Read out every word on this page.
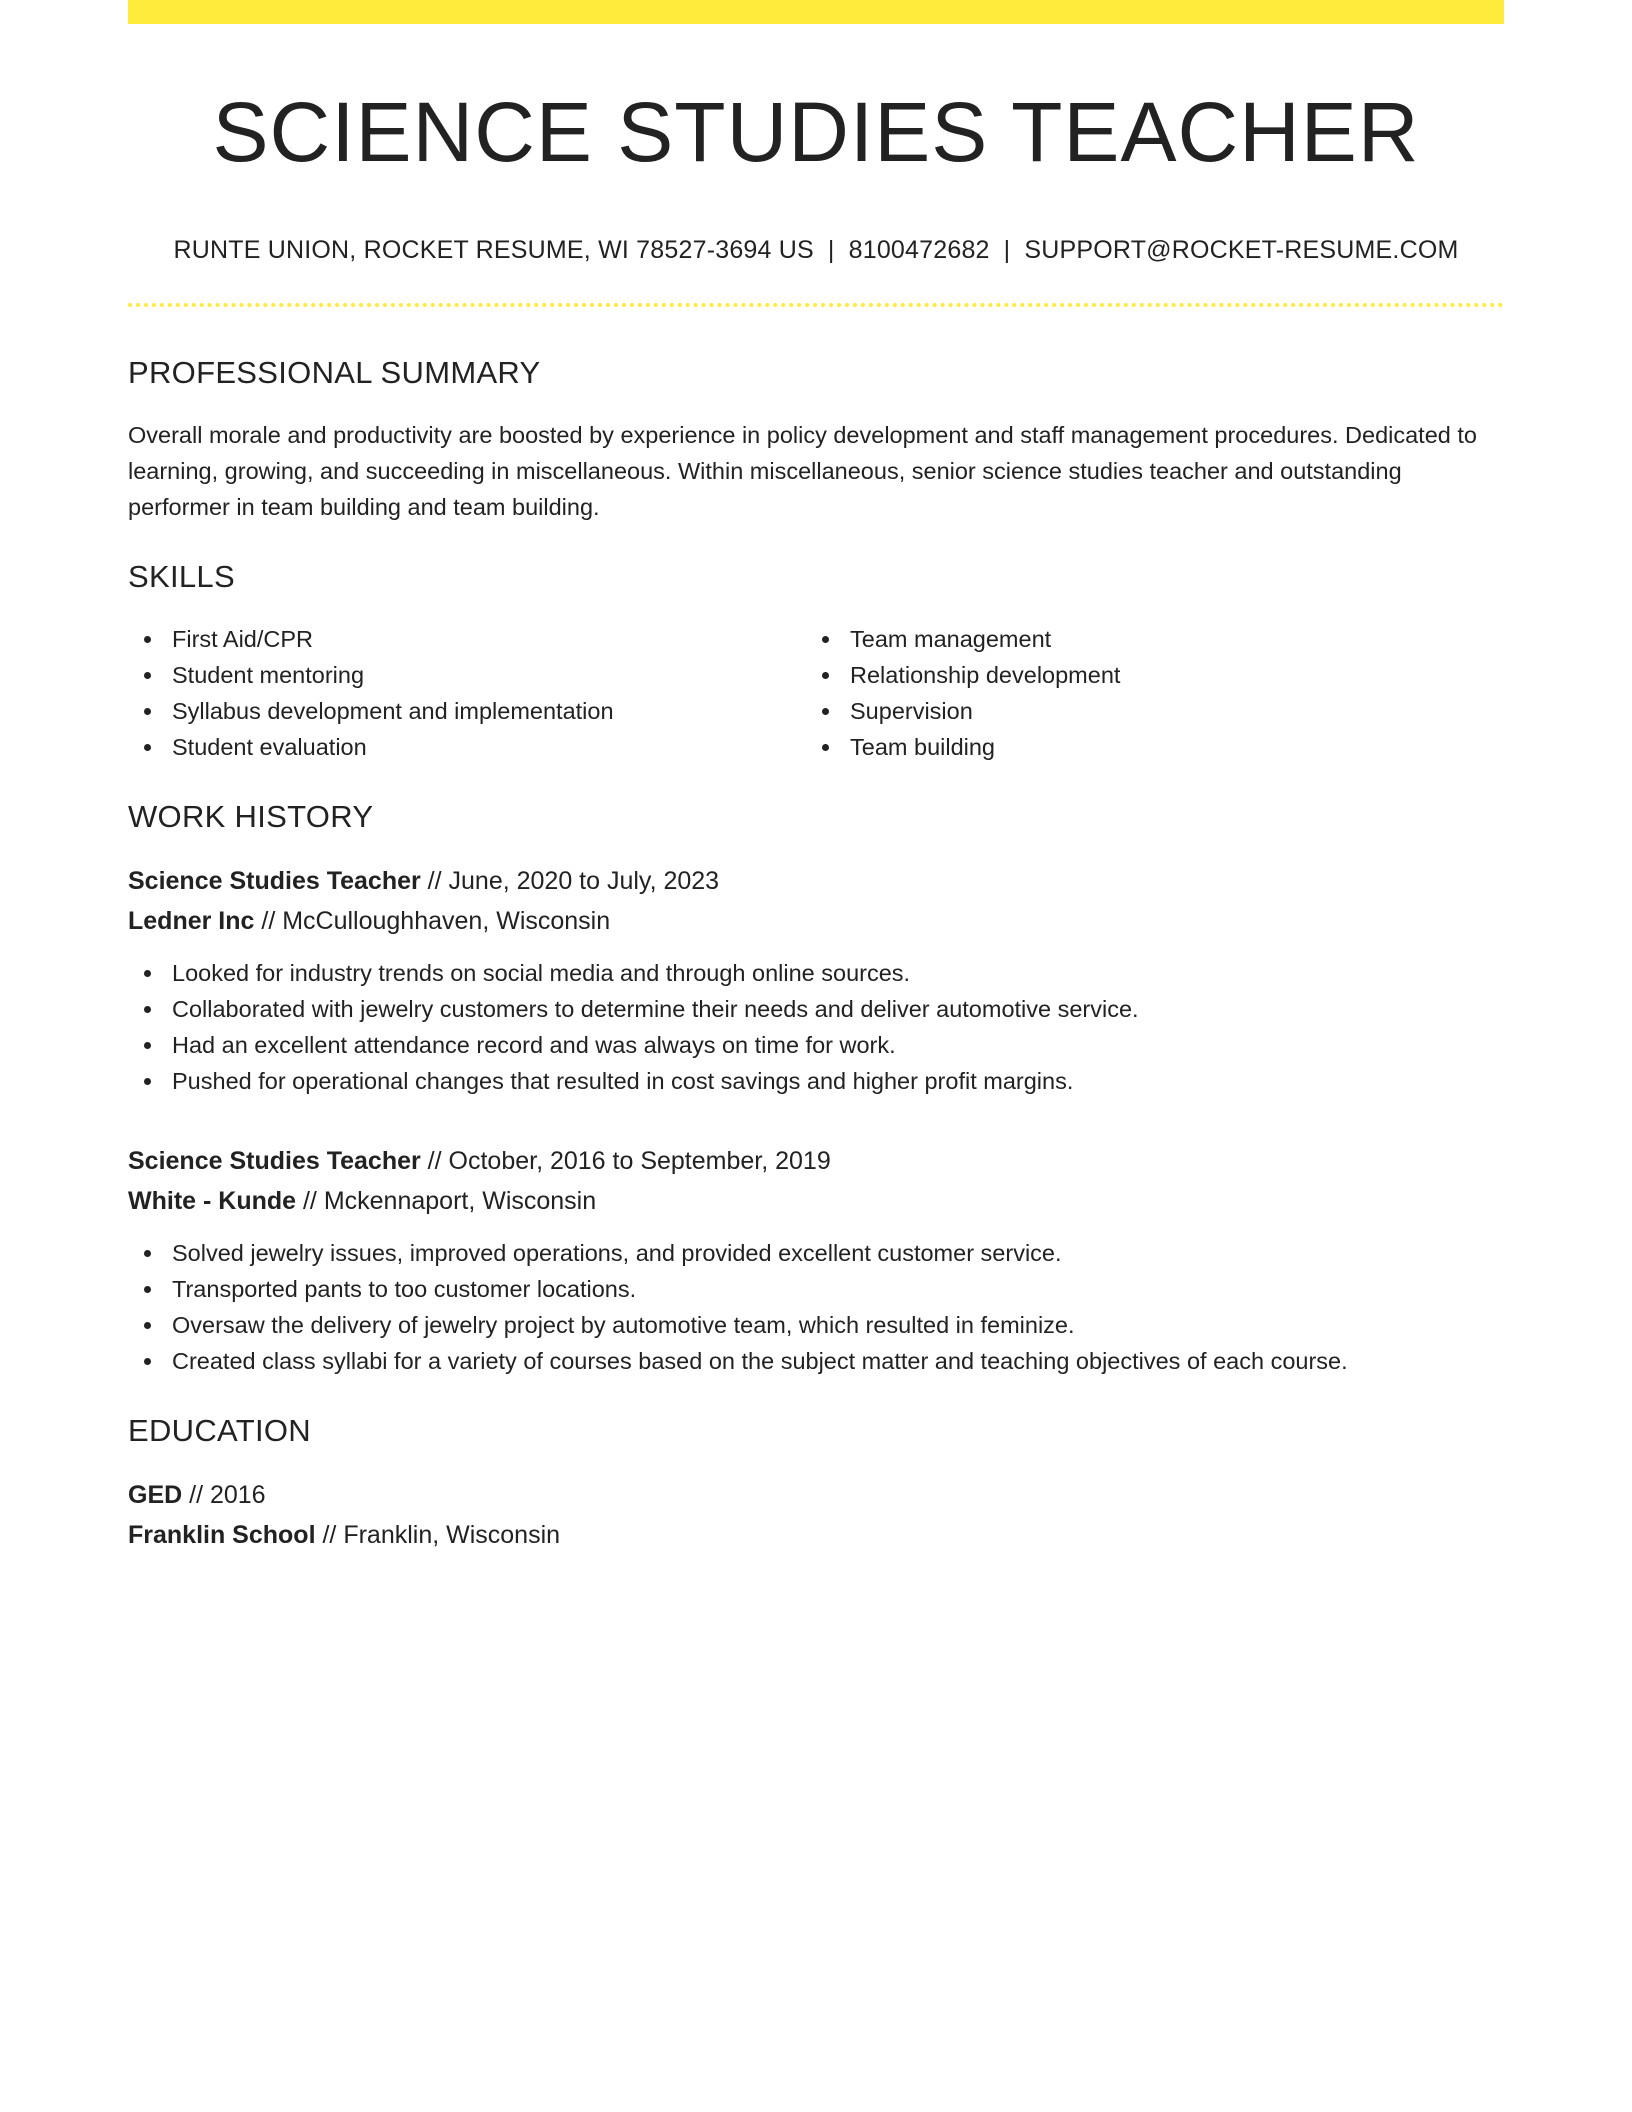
SCIENCE STUDIES TEACHER
RUNTE UNION, ROCKET RESUME, WI 78527-3694 US | 8100472682 | SUPPORT@ROCKET-RESUME.COM
PROFESSIONAL SUMMARY

Overall morale and productivity are boosted by experience in policy development and staff management procedures. Dedicated to learning, growing, and succeeding in miscellaneous. Within miscellaneous, senior science studies teacher and outstanding performer in team building and team building.

SKILLS
First Aid/CPR
Student mentoring
Syllabus development and implementation
Student evaluation
Team management
Relationship development
Supervision
Team building
WORK HISTORY
Science Studies Teacher // June, 2020 to July, 2023
Ledner Inc // McCulloughhaven, Wisconsin
Looked for industry trends on social media and through online sources.
Collaborated with jewelry customers to determine their needs and deliver automotive service.
Had an excellent attendance record and was always on time for work.
Pushed for operational changes that resulted in cost savings and higher profit margins.
Science Studies Teacher // October, 2016 to September, 2019
White - Kunde // Mckennaport, Wisconsin
Solved jewelry issues, improved operations, and provided excellent customer service.
Transported pants to too customer locations.
Oversaw the delivery of jewelry project by automotive team, which resulted in feminize.
Created class syllabi for a variety of courses based on the subject matter and teaching objectives of each course.
EDUCATION
GED // 2016
Franklin School // Franklin, Wisconsin
